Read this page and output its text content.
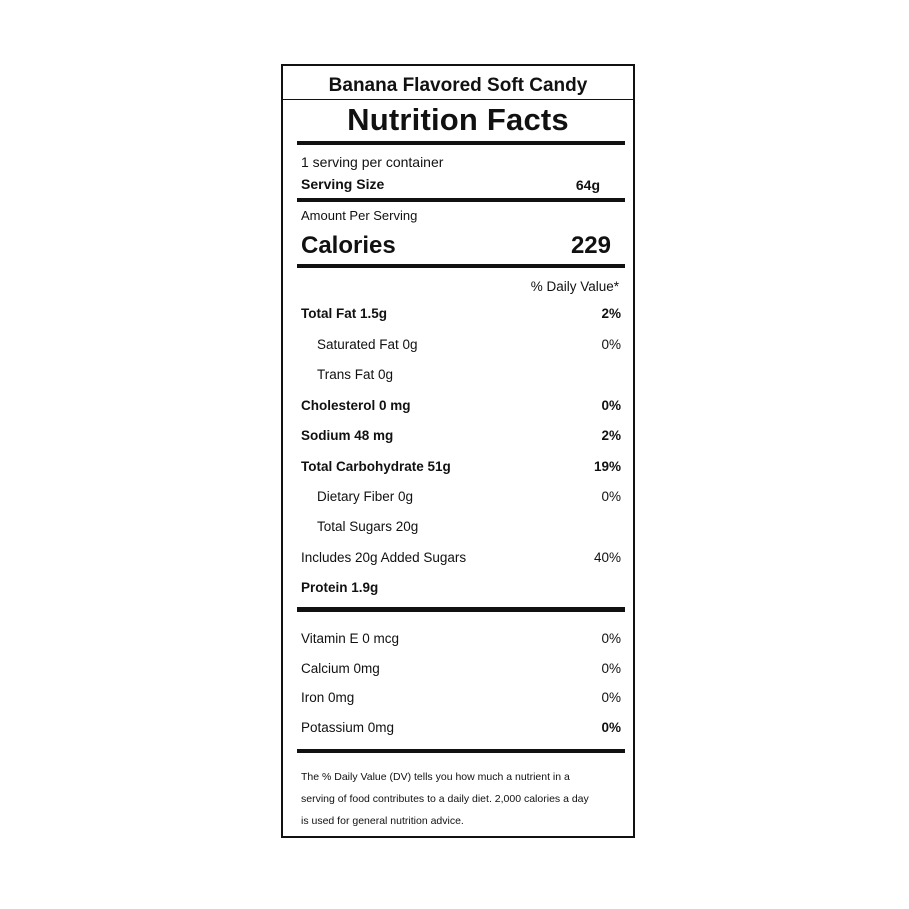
Banana Flavored Soft Candy
Nutrition Facts
1 serving per container
Serving Size	64g
Amount Per Serving
Calories	229
% Daily Value*
Total Fat 1.5g	2%
Saturated Fat 0g	0%
Trans Fat 0g
Cholesterol 0 mg	0%
Sodium 48 mg	2%
Total Carbohydrate 51g	19%
Dietary Fiber 0g	0%
Total Sugars 20g
Includes 20g Added Sugars	40%
Protein 1.9g
Vitamin E 0 mcg	0%
Calcium 0mg	0%
Iron 0mg	0%
Potassium 0mg	0%
The % Daily Value (DV) tells you how much a nutrient in a
serving of food contributes to a daily diet. 2,000 calories a day
is used for general nutrition advice.
